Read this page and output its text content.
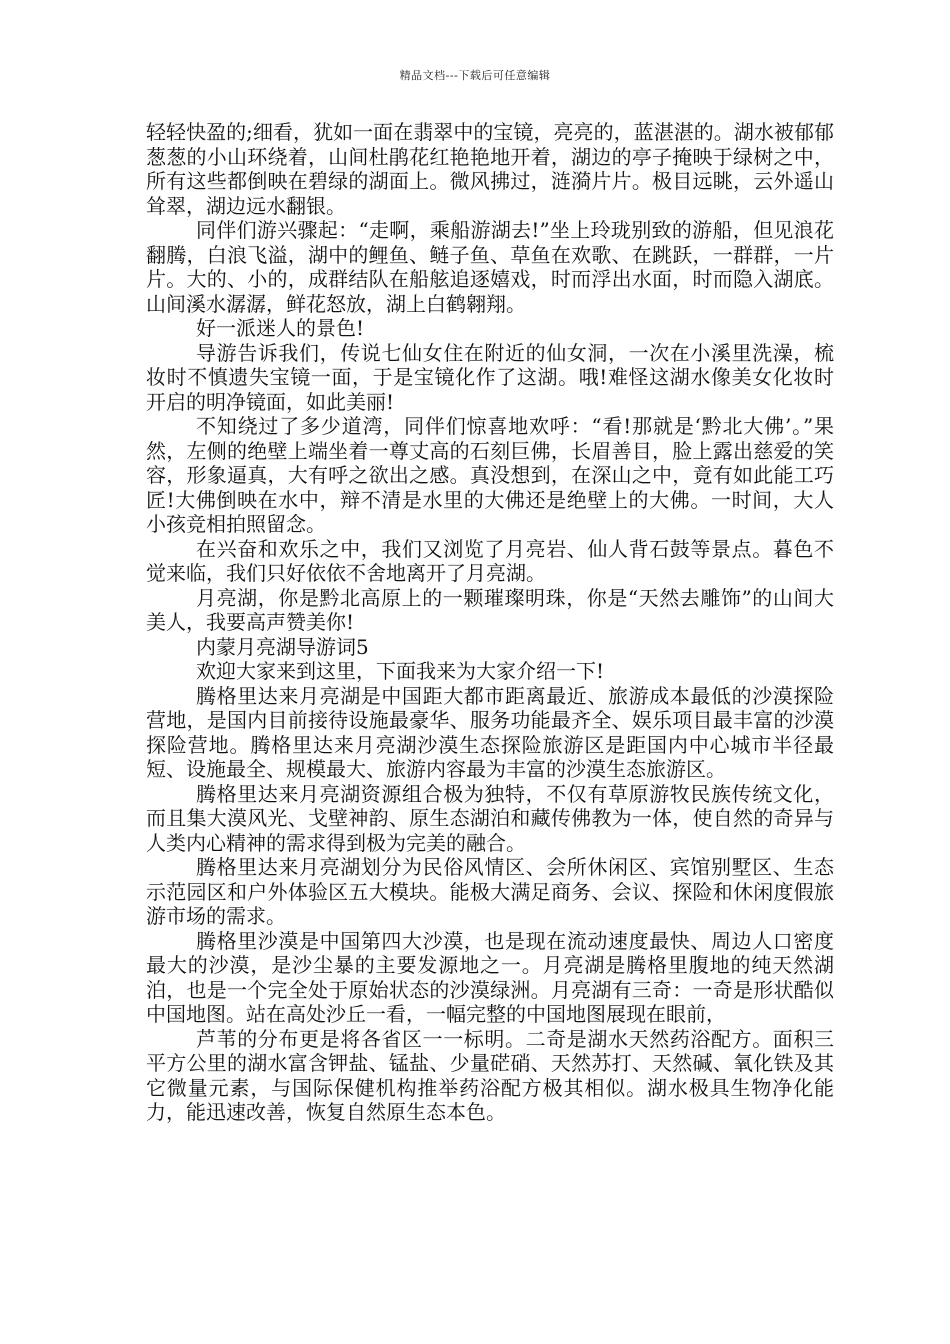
精品文档---下载后可任意编辑

轻轻快盈的;细看，犹如一面在翡翠中的宝镜，亮亮的，蓝湛湛的。湖水被郁郁葱葱的小山环绕着，山间杜鹃花红艳艳地开着，湖边的亭子掩映于绿树之中，所有这些都倒映在碧绿的湖面上。微风拂过，涟漪片片。极目远眺，云外遥山耸翠，湖边远水翻银。

同伴们游兴骤起：“走啊，乘船游湖去!”坐上玲珑别致的游船，但见浪花翻腾，白浪飞溢，湖中的鲤鱼、鲢子鱼、草鱼在欢歌、在跳跃，一群群，一片片。大的、小的，成群结队在船舷追逐嬉戏，时而浮出水面，时而隐入湖底。山间溪水潺潺，鲜花怒放，湖上白鹤翱翔。

好一派迷人的景色!

导游告诉我们，传说七仙女住在附近的仙女洞，一次在小溪里洗澡，梳妆时不慎遗失宝镜一面，于是宝镜化作了这湖。哦!难怪这湖水像美女化妆时开启的明净镜面，如此美丽!

不知绕过了多少道湾，同伴们惊喜地欢呼：“看!那就是‘黔北大佛’。”果然，左侧的绝壁上端坐着一尊丈高的石刻巨佛，长眉善目，脸上露出慈爱的笑容，形象逼真，大有呼之欲出之感。真没想到，在深山之中，竟有如此能工巧匠!大佛倒映在水中，辩不清是水里的大佛还是绝壁上的大佛。一时间，大人小孩竞相拍照留念。

在兴奋和欢乐之中，我们又浏览了月亮岩、仙人背石鼓等景点。暮色不觉来临，我们只好依依不舍地离开了月亮湖。

月亮湖，你是黔北高原上的一颗璀璨明珠，你是“天然去雕饰”的山间大美人，我要高声赞美你!

内蒙月亮湖导游词5

欢迎大家来到这里，下面我来为大家介绍一下!

腾格里达来月亮湖是中国距大都市距离最近、旅游成本最低的沙漠探险营地，是国内目前接待设施最豪华、服务功能最齐全、娱乐项目最丰富的沙漠探险营地。腾格里达来月亮湖沙漠生态探险旅游区是距国内中心城市半径最短、设施最全、规模最大、旅游内容最为丰富的沙漠生态旅游区。

腾格里达来月亮湖资源组合极为独特，不仅有草原游牧民族传统文化，而且集大漠风光、戈壁神韵、原生态湖泊和藏传佛教为一体，使自然的奇异与人类内心精神的需求得到极为完美的融合。

腾格里达来月亮湖划分为民俗风情区、会所休闲区、宾馆别墅区、生态示范园区和户外体验区五大模块。能极大满足商务、会议、探险和休闲度假旅游市场的需求。

腾格里沙漠是中国第四大沙漠，也是现在流动速度最快、周边人口密度最大的沙漠，是沙尘暴的主要发源地之一。月亮湖是腾格里腹地的纯天然湖泊，也是一个完全处于原始状态的沙漠绿洲。月亮湖有三奇：一奇是形状酷似中国地图。站在高处沙丘一看，一幅完整的中国地图展现在眼前，

芦苇的分布更是将各省区一一标明。二奇是湖水天然药浴配方。面积三平方公里的湖水富含钾盐、锰盐、少量硭硝、天然苏打、天然碱、氧化铁及其它微量元素，与国际保健机构推举药浴配方极其相似。湖水极具生物净化能力，能迅速改善，恢复自然原生态本色。
